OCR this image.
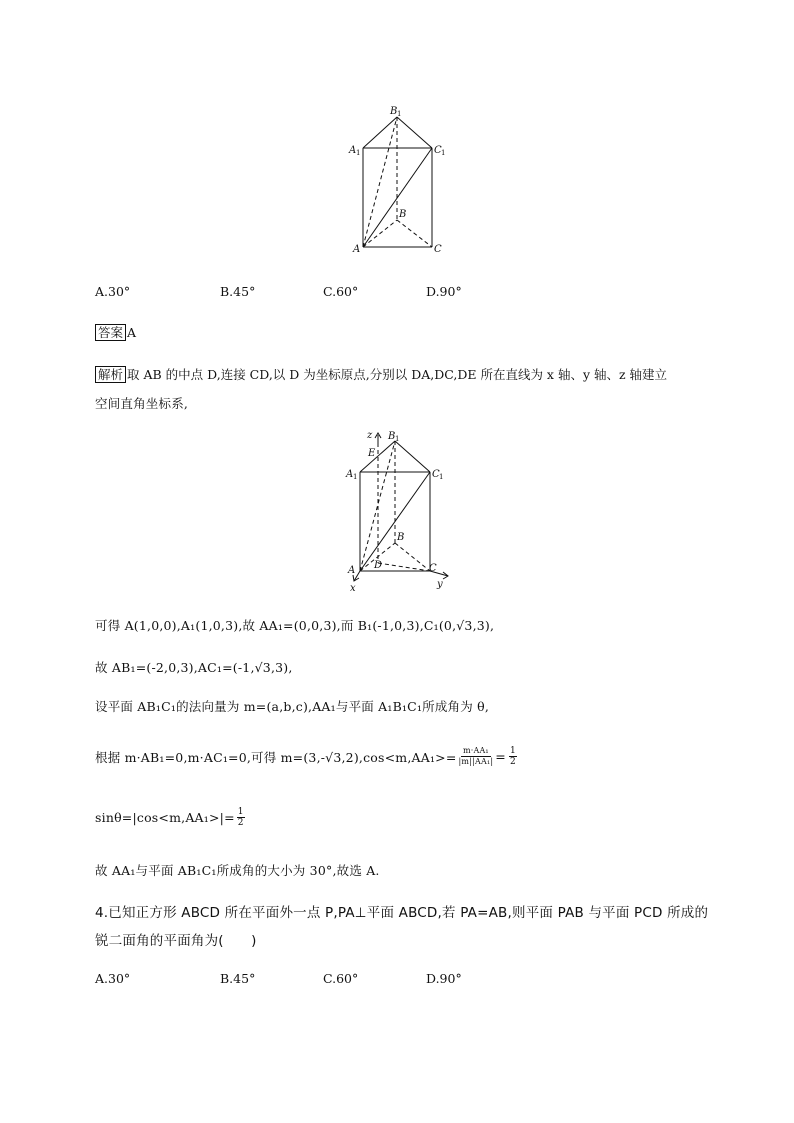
B 1
A 1	C 1
B
A	C
A.30°	B.45°	C.60°	D.90°
答案 A
解析 取 AB 的中点 D,连接 CD,以 D 为坐标原点,分别以 DA,DC,DE 所在直线为 x 轴、y 轴、z 轴建立
空间直角坐标系,
z B 1
E
A 1	C 1
B
A D	C
x	y
可得 A(1,0,0),A₁(1,0,3),故 AA₁=(0,0,3),而 B₁(-1,0,3),C₁(0,√3,3),
故 AB₁=(-2,0,3),AC₁=(-1,√3,3),
设平面 AB₁C₁的法向量为 m=(a,b,c),AA₁与平面 A₁B₁C₁所成角为 θ,
根据 m·AB₁=0,m·AC₁=0,可得 $m=(3,-√3,2),\cos<m,AA_1>= \frac{\text{m·AA₁}}{\text{|m||AA₁|}} = \frac{1}{2}$
$\sin\theta=|\cos<m,AA_1>|= \frac{1}{2}$
故 AA₁与平面 AB₁C₁所成角的大小为 30°,故选 A.
4.已知正方形 ABCD 所在平面外一点 P,PA⊥平面 ABCD,若 PA=AB,则平面 PAB 与平面 PCD 所成的
锐二面角的平面角为(　　)
A.30°	B.45°	C.60°	D.90°
